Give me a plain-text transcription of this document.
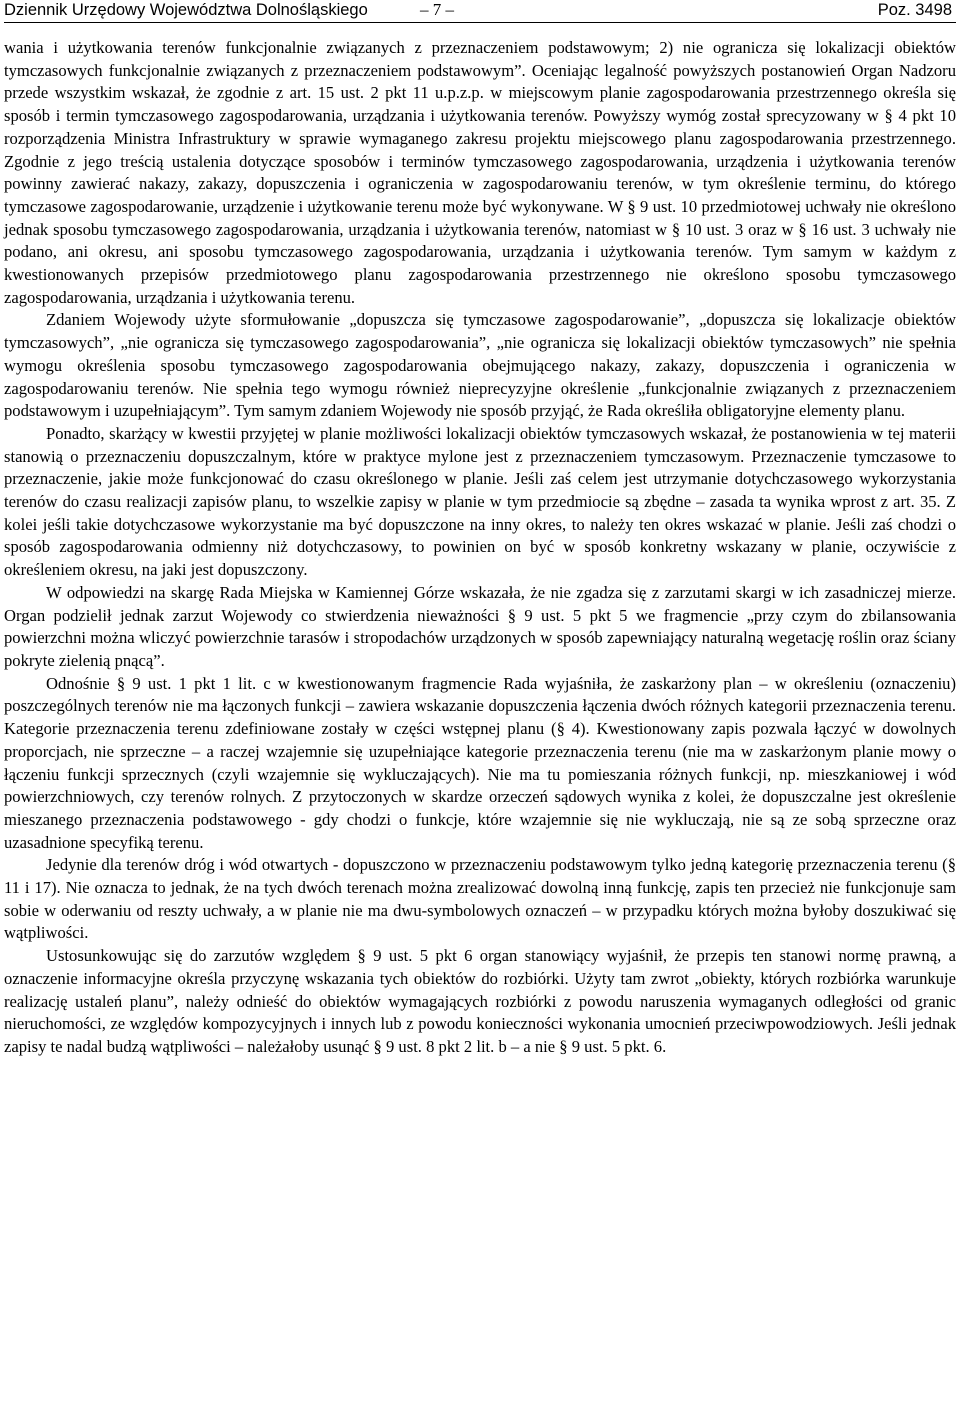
Dziennik Urzędowy Województwa Dolnośląskiego	– 7 –	Poz. 3498

wania i użytkowania terenów funkcjonalnie związanych z przeznaczeniem podstawowym; 2) nie ogranicza się lokalizacji obiektów tymczasowych funkcjonalnie związanych z przeznaczeniem podstawowym”. Oceniając legalność powyższych postanowień Organ Nadzoru przede wszystkim wskazał, że zgodnie z art. 15 ust. 2 pkt 11 u.p.z.p. w miejscowym planie zagospodarowania przestrzennego określa się sposób i termin tymczasowego zagospodarowania, urządzania i użytkowania terenów. Powyższy wymóg został sprecyzowany w § 4 pkt 10 rozporządzenia Ministra Infrastruktury w sprawie wymaganego zakresu projektu miejscowego planu zagospodarowania przestrzennego. Zgodnie z jego treścią ustalenia dotyczące sposobów i terminów tymczasowego zagospodarowania, urządzenia i użytkowania terenów powinny zawierać nakazy, zakazy, dopuszczenia i ograniczenia w zagospodarowaniu terenów, w tym określenie terminu, do którego tymczasowe zagospodarowanie, urządzenie i użytkowanie terenu może być wykonywane. W § 9 ust. 10 przedmiotowej uchwały nie określono jednak sposobu tymczasowego zagospodarowania, urządzania i użytkowania terenów, natomiast w § 10 ust. 3 oraz w § 16 ust. 3 uchwały nie podano, ani okresu, ani sposobu tymczasowego zagospodarowania, urządzania i użytkowania terenów. Tym samym w każdym z kwestionowanych przepisów przedmiotowego planu zagospodarowania przestrzennego nie określono sposobu tymczasowego zagospodarowania, urządzania i użytkowania terenu.

Zdaniem Wojewody użyte sformułowanie „dopuszcza się tymczasowe zagospodarowanie”, „dopuszcza się lokalizacje obiektów tymczasowych”, „nie ogranicza się tymczasowego zagospodarowania”, „nie ogranicza się lokalizacji obiektów tymczasowych” nie spełnia wymogu określenia sposobu tymczasowego zagospodarowania obejmującego nakazy, zakazy, dopuszczenia i ograniczenia w zagospodarowaniu terenów. Nie spełnia tego wymogu również nieprecyzyjne określenie „funkcjonalnie związanych z przeznaczeniem podstawowym i uzupełniającym”. Tym samym zdaniem Wojewody nie sposób przyjąć, że Rada określiła obligatoryjne elementy planu.

Ponadto, skarżący w kwestii przyjętej w planie możliwości lokalizacji obiektów tymczasowych wskazał, że postanowienia w tej materii stanowią o przeznaczeniu dopuszczalnym, które w praktyce mylone jest z przeznaczeniem tymczasowym. Przeznaczenie tymczasowe to przeznaczenie, jakie może funkcjonować do czasu określonego w planie. Jeśli zaś celem jest utrzymanie dotychczasowego wykorzystania terenów do czasu realizacji zapisów planu, to wszelkie zapisy w planie w tym przedmiocie są zbędne – zasada ta wynika wprost z art. 35. Z kolei jeśli takie dotychczasowe wykorzystanie ma być dopuszczone na inny okres, to należy ten okres wskazać w planie. Jeśli zaś chodzi o sposób zagospodarowania odmienny niż dotychczasowy, to powinien on być w sposób konkretny wskazany w planie, oczywiście z określeniem okresu, na jaki jest dopuszczony.

W odpowiedzi na skargę Rada Miejska w Kamiennej Górze wskazała, że nie zgadza się z zarzutami skargi w ich zasadniczej mierze. Organ podzielił jednak zarzut Wojewody co stwierdzenia nieważności § 9 ust. 5 pkt 5 we fragmencie „przy czym do zbilansowania powierzchni można wliczyć powierzchnie tarasów i stropodachów urządzonych w sposób zapewniający naturalną wegetację roślin oraz ściany pokryte zielenią pnącą”.

Odnośnie § 9 ust. 1 pkt 1 lit. c w kwestionowanym fragmencie Rada wyjaśniła, że zaskarżony plan – w określeniu (oznaczeniu) poszczególnych terenów nie ma łączonych funkcji – zawiera wskazanie dopuszczenia łączenia dwóch różnych kategorii przeznaczenia terenu. Kategorie przeznaczenia terenu zdefiniowane zostały w części wstępnej planu (§ 4). Kwestionowany zapis pozwala łączyć w dowolnych proporcjach, nie sprzeczne – a raczej wzajemnie się uzupełniające kategorie przeznaczenia terenu (nie ma w zaskarżonym planie mowy o łączeniu funkcji sprzecznych (czyli wzajemnie się wykluczających). Nie ma tu pomieszania różnych funkcji, np. mieszkaniowej i wód powierzchniowych, czy terenów rolnych. Z przytoczonych w skardze orzeczeń sądowych wynika z kolei, że dopuszczalne jest określenie mieszanego przeznaczenia podstawowego - gdy chodzi o funkcje, które wzajemnie się nie wykluczają, nie są ze sobą sprzeczne oraz uzasadnione specyfiką terenu.

Jedynie dla terenów dróg i wód otwartych - dopuszczono w przeznaczeniu podstawowym tylko jedną kategorię przeznaczenia terenu (§ 11 i 17). Nie oznacza to jednak, że na tych dwóch terenach można zrealizować dowolną inną funkcję, zapis ten przecież nie funkcjonuje sam sobie w oderwaniu od reszty uchwały, a w planie nie ma dwu-symbolowych oznaczeń – w przypadku których można byłoby doszukiwać się wątpliwości.

Ustosunkowując się do zarzutów względem § 9 ust. 5 pkt 6 organ stanowiący wyjaśnił, że przepis ten stanowi normę prawną, a oznaczenie informacyjne określa przyczynę wskazania tych obiektów do rozbiórki. Użyty tam zwrot „obiekty, których rozbiórka warunkuje realizację ustaleń planu”, należy odnieść do obiektów wymagających rozbiórki z powodu naruszenia wymaganych odległości od granic nieruchomości, ze względów kompozycyjnych i innych lub z powodu konieczności wykonania umocnień przeciwpowodziowych. Jeśli jednak zapisy te nadal budzą wątpliwości – należałoby usunąć § 9 ust. 8 pkt 2 lit. b – a nie § 9 ust. 5 pkt. 6.
